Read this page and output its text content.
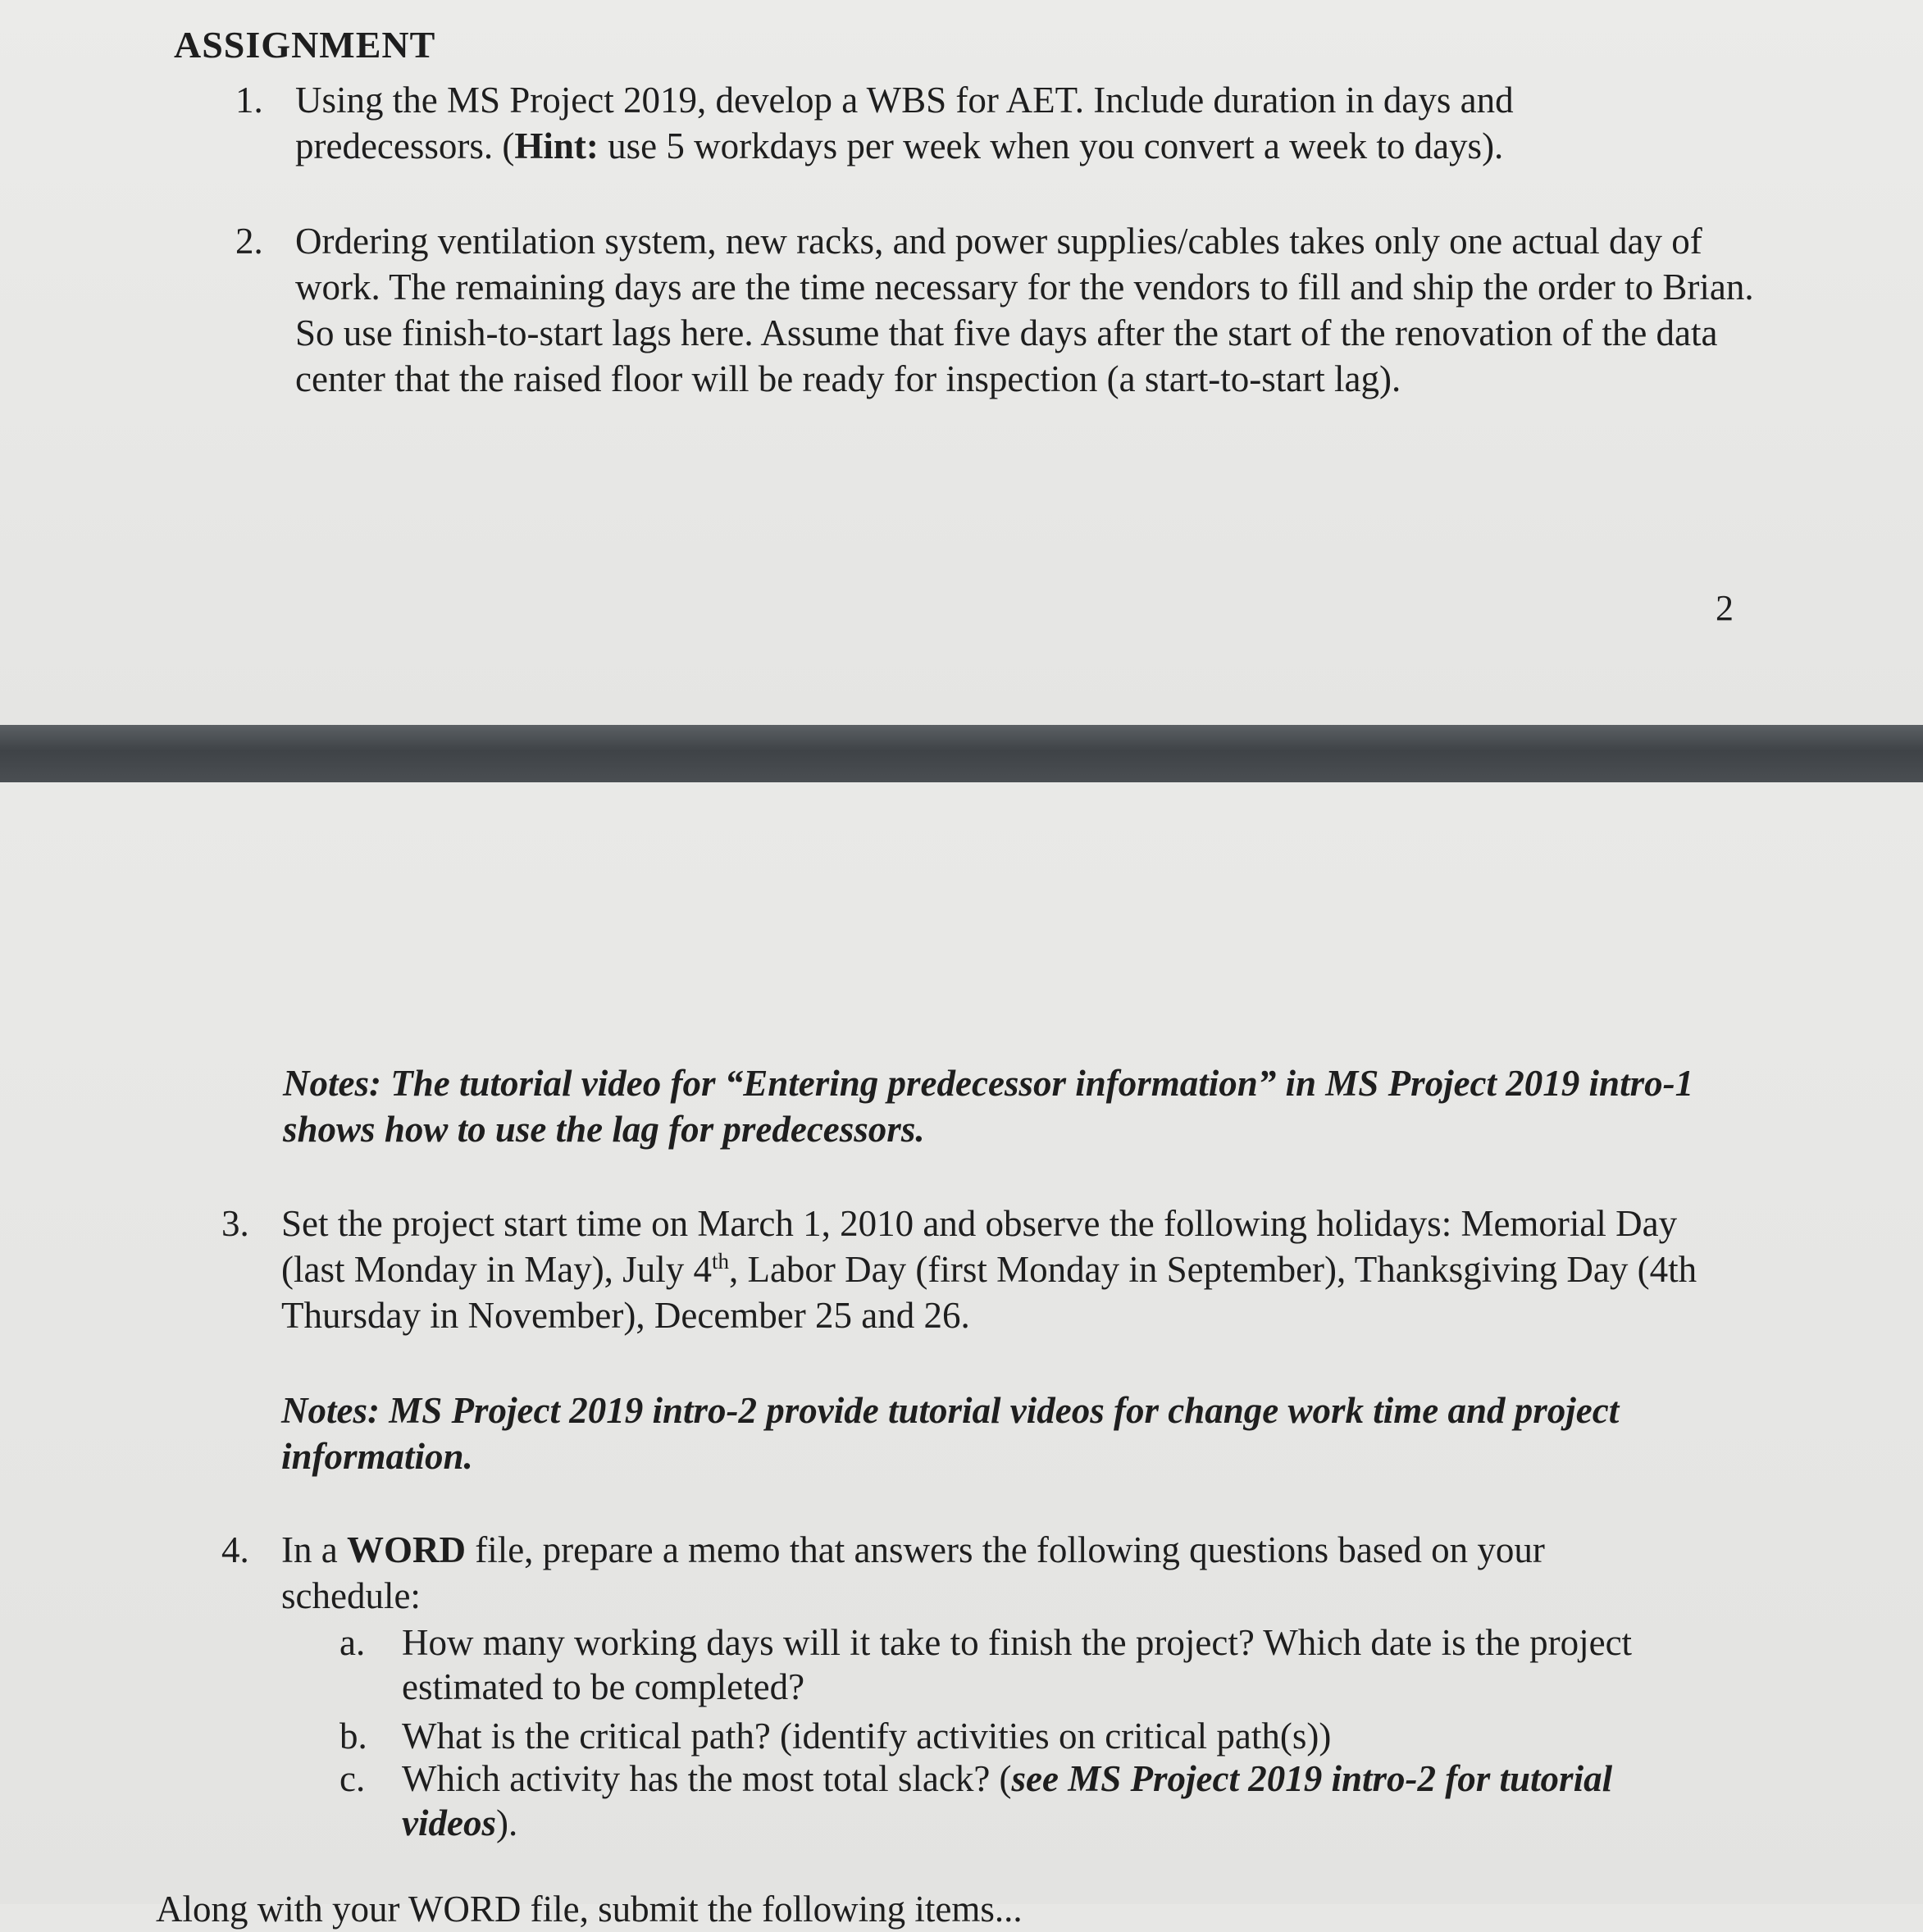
ASSIGNMENT
1. Using the MS Project 2019, develop a WBS for AET. Include duration in days and predecessors. (Hint: use 5 workdays per week when you convert a week to days).
2. Ordering ventilation system, new racks, and power supplies/cables takes only one actual day of work. The remaining days are the time necessary for the vendors to fill and ship the order to Brian. So use finish-to-start lags here. Assume that five days after the start of the renovation of the data center that the raised floor will be ready for inspection (a start-to-start lag).
2
Notes: The tutorial video for “Entering predecessor information” in MS Project 2019 intro-1 shows how to use the lag for predecessors.
3. Set the project start time on March 1, 2010 and observe the following holidays: Memorial Day (last Monday in May), July 4th, Labor Day (first Monday in September), Thanksgiving Day (4th Thursday in November), December 25 and 26.
Notes: MS Project 2019 intro-2 provide tutorial videos for change work time and project information.
4. In a WORD file, prepare a memo that answers the following questions based on your schedule:
a. How many working days will it take to finish the project? Which date is the project estimated to be completed?
b. What is the critical path? (identify activities on critical path(s))
c. Which activity has the most total slack? (see MS Project 2019 intro-2 for tutorial videos).
Along with your WORD file, submit the following items...
